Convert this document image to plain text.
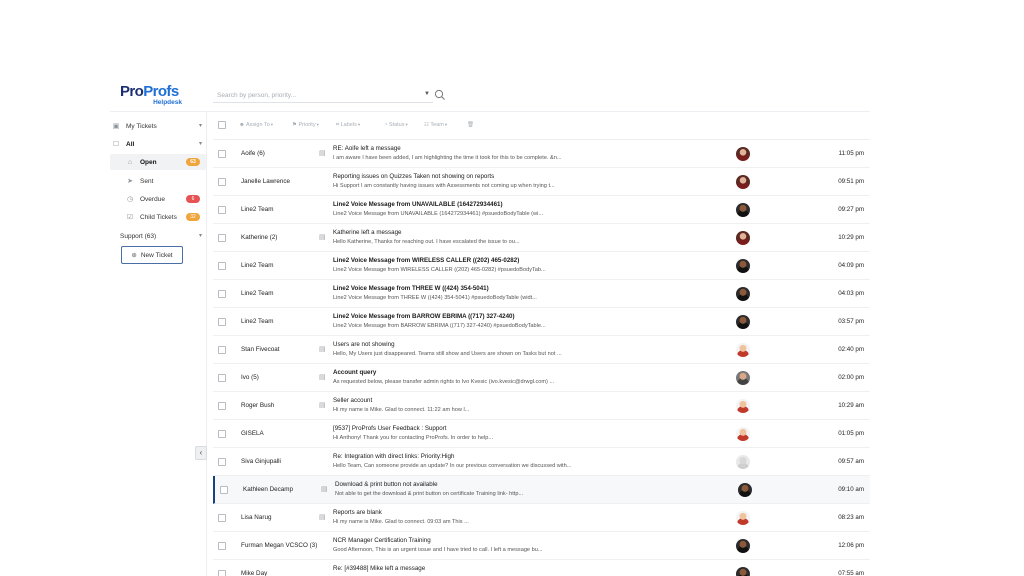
ProProfs
Helpdesk
Search by person, priority...
▼
▣	My Tickets	▾
☐	All	▾
⌂	Open	63
➤	Sent
◷	Overdue	6
☑	Child Tickets	32
Support (63)	▾
⊕ New Ticket
‹
☻ Assign To▾	⚑ Priority▾	⌗ Labels▾	◔ Status▾	☷ Team▾	🗑︎
Aoife (6)	▤
RE: Aoife left a message
I am aware I have been added, I am highlighting the time it took for this to be complete. &n...
11:05 pm
Janelle Lawrence
Reporting issues on Quizzes Taken not showing on reports
Hi Support I am constantly having issues with Assessments not coming up when trying t...
09:51 pm
Line2 Team
Line2 Voice Message from UNAVAILABLE (164272934461)
Line2 Voice Message from UNAVAILABLE (164272934461) #psuedoBodyTable (wi...
09:27 pm
Katherine (2)	▤
Katherine left a message
Hello Katherine, Thanks for reaching out. I have escalated the issue to ou...
10:29 pm
Line2 Team
Line2 Voice Message from WIRELESS CALLER ((202) 465-0282)
Line2 Voice Message from WIRELESS CALLER ((202) 465-0282) #psuedoBodyTab...
04:09 pm
Line2 Team
Line2 Voice Message from THREE W ((424) 354-5041)
Line2 Voice Message from THREE W ((424) 354-5041) #psuedoBodyTable (widt...
04:03 pm
Line2 Team
Line2 Voice Message from BARROW EBRIMA ((717) 327-4240)
Line2 Voice Message from BARROW EBRIMA ((717) 327-4240) #psuedoBodyTable...
03:57 pm
Stan Fivecoat	▤
Users are not showing
Hello, My Users just disappeared. Teams still show and Users are shown on Tasks but not ...
02:40 pm
Ivo (5)	▤
Account query
As requested below, please transfer admin rights to Ivo Kvesic (ivo.kvesic@drwgl.com) ...
02:00 pm
Roger Bush	▤
Seller account
Hi my name is Mike. Glad to connect. 11:22 am how l...
10:29 am
GISELA
[9537] ProProfs User Feedback : Support
Hi Anthony! Thank you for contacting ProProfs. In order to help...
01:05 pm
Siva Ginjupalli
Re: Integration with direct links: Priority:High
Hello Team, Can someone provide an update? In our previous conversation we discussed with...
09:57 am
Kathleen Decamp	▤
Download & print button not available
Not able to get the download & print button on certificate Training link- http...
09:10 am
Lisa Narug	▤
Reports are blank
Hi my name is Mike. Glad to connect. 09:03 am This ...
08:23 am
Furman Megan VCSCO (3)
NCR Manager Certification Training
Good Afternoon, This is an urgent issue and I have tried to call. I left a message bu...
12:06 pm
Mike Day
Re: [#39488] Mike left a message
07:55 am
